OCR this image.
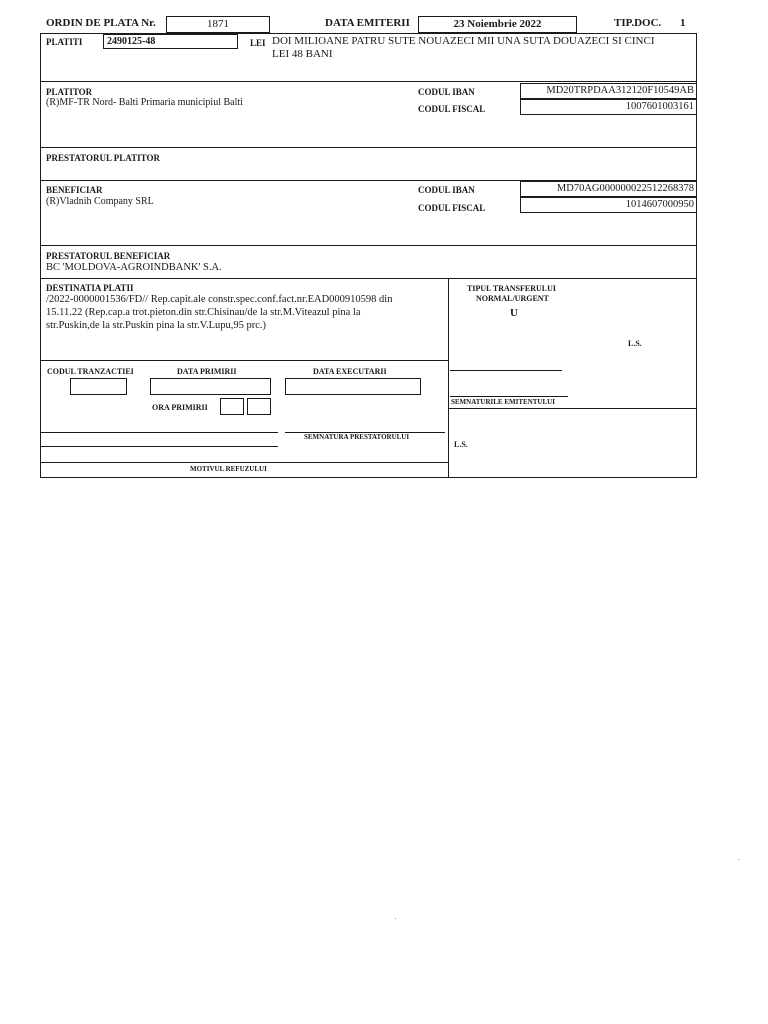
ORDIN DE PLATA Nr.	1871	DATA EMITERII	23 Noiembrie 2022	TIP.DOC. 1
PLATITI	2490125-48	LEI DOI MILIOANE PATRU SUTE NOUAZECI MII UNA SUTA DOUAZECI SI CINCI
LEI 48 BANI
PLATITOR
(R)MF-TR Nord- Balti Primaria municipiul Balti
CODUL IBAN	MD20TRPDAA312120F10549AB
CODUL FISCAL	1007601003161
PRESTATORUL PLATITOR
BENEFICIAR
(R)Vladnih Company SRL
CODUL IBAN	MD70AG000000022512268378
CODUL FISCAL	1014607000950
PRESTATORUL BENEFICIAR
BC 'MOLDOVA-AGROINDBANK' S.A.
DESTINATIA PLATII
/2022-0000001536/FD// Rep.capit.ale constr.spec.conf.fact.nr.EAD000910598 din
15.11.22 (Rep.cap.a trot.pieton.din str.Chisinau/de la str.M.Viteazul pina la
str.Puskin,de la str.Puskin pina la str.V.Lupu,95 prc.)
TIPUL TRANSFERULUI
NORMAL/URGENT
U
L.S.
CODUL TRANZACTIEI	DATA PRIMIRII	DATA EXECUTARII
ORA PRIMIRII
SEMNATURA PRESTATORULUI
MOTIVUL REFUZULUI
SEMNATURILE EMITENTULUI
L.S.
